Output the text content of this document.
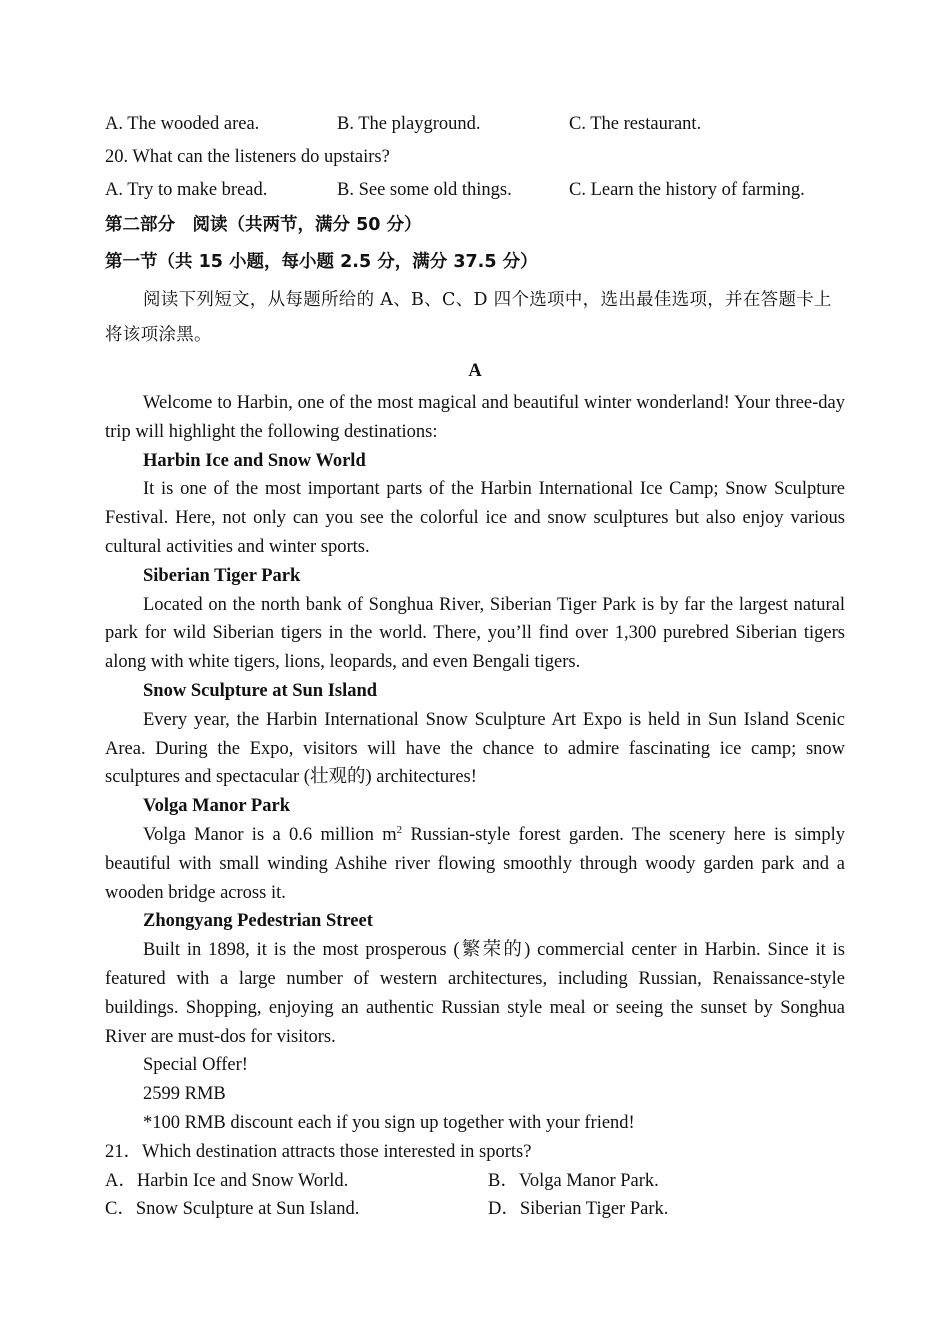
A. The wooded area.	B. The playground.	C. The restaurant.
20. What can the listeners do upstairs?
A. Try to make bread.	B. See some old things.	C. Learn the history of farming.
第二部分　阅读（共两节，满分 50 分）
第一节（共 15 小题，每小题 2.5 分，满分 37.5 分）
阅读下列短文，从每题所给的 A、B、C、D 四个选项中，选出最佳选项，并在答题卡上将该项涂黑。
A
Welcome to Harbin, one of the most magical and beautiful winter wonderland! Your three-day trip will highlight the following destinations:
Harbin Ice and Snow World
It is one of the most important parts of the Harbin International Ice Camp; Snow Sculpture Festival. Here, not only can you see the colorful ice and snow sculptures but also enjoy various cultural activities and winter sports.
Siberian Tiger Park
Located on the north bank of Songhua River, Siberian Tiger Park is by far the largest natural park for wild Siberian tigers in the world. There, you’ll find over 1,300 purebred Siberian tigers along with white tigers, lions, leopards, and even Bengali tigers.
Snow Sculpture at Sun Island
Every year, the Harbin International Snow Sculpture Art Expo is held in Sun Island Scenic Area. During the Expo, visitors will have the chance to admire fascinating ice camp; snow sculptures and spectacular (壮观的) architectures!
Volga Manor Park
Volga Manor is a 0.6 million $m^2$ Russian-style forest garden. The scenery here is simply beautiful with small winding Ashihe river flowing smoothly through woody garden park and a wooden bridge across it.
Zhongyang Pedestrian Street
Built in 1898, it is the most prosperous (繁荣的) commercial center in Harbin. Since it is featured with a large number of western architectures, including Russian, Renaissance-style buildings. Shopping, enjoying an authentic Russian style meal or seeing the sunset by Songhua River are must-dos for visitors.
Special Offer!
2599 RMB
*100 RMB discount each if you sign up together with your friend!
21．Which destination attracts those interested in sports?
A．Harbin Ice and Snow World.	B．Volga Manor Park.
C．Snow Sculpture at Sun Island.	D．Siberian Tiger Park.
